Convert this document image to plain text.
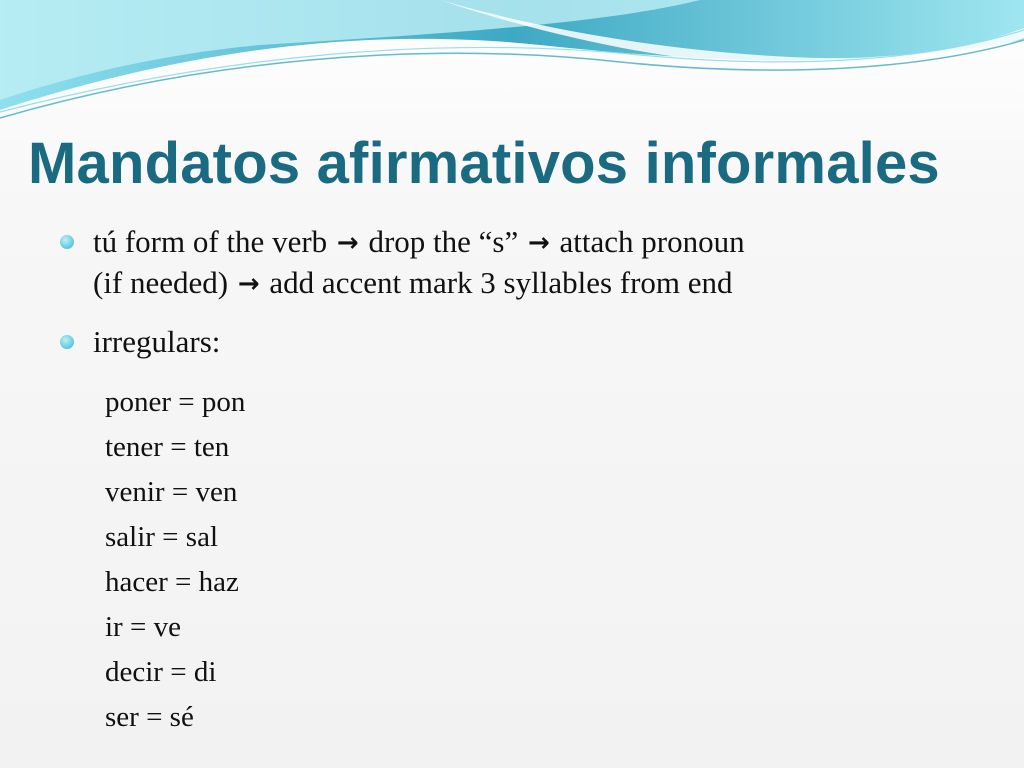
Mandatos afirmativos informales
tú form of the verb → drop the “s” → attach pronoun
(if needed) → add accent mark 3 syllables from end
irregulars:
poner = pon
tener = ten
venir = ven
salir = sal
hacer = haz
ir = ve
decir = di
ser = sé
